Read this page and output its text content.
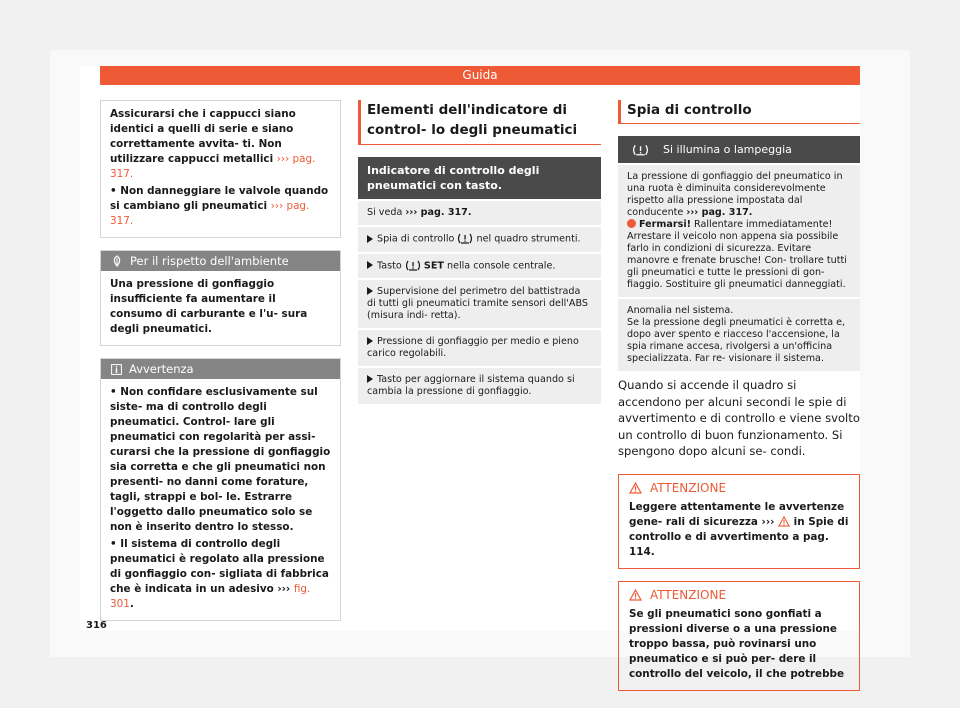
Guida

Assicurarsi che i cappucci siano identici a quelli di serie e siano correttamente avvita- ti. Non utilizzare cappucci metallici ››› pag. 317.

• Non danneggiare le valvole quando si cambiano gli pneumatici ››› pag. 317.

Per il rispetto dell'ambiente
Una pressione di gonfiaggio insufficiente fa aumentare il consumo di carburante e l'u- sura degli pneumatici.
Avvertenza

• Non confidare esclusivamente sul siste- ma di controllo degli pneumatici. Control- lare gli pneumatici con regolarità per assi- curarsi che la pressione di gonfiaggio sia corretta e che gli pneumatici non presenti- no danni come forature, tagli, strappi e bol- le. Estrarre l'oggetto dallo pneumatico solo se non è inserito dentro lo stesso.

• Il sistema di controllo degli pneumatici è regolato alla pressione di gonfiaggio con- sigliata di fabbrica che è indicata in un adesivo ››› fig. 301.

Elementi dell'indicatore di control- lo degli pneumatici
Indicatore di controllo degli pneumatici con tasto.
Si veda ››› pag. 317.
Spia di controllo nel quadro strumenti.
Tasto SET nella console centrale.
Supervisione del perimetro del battistrada di tutti gli pneumatici tramite sensori dell'ABS (misura indi- retta).
Pressione di gonfiaggio per medio e pieno carico regolabili.
Tasto per aggiornare il sistema quando si cambia la pressione di gonfiaggio.
Spia di controllo
Si illumina o lampeggia
La pressione di gonfiaggio del pneumatico in una ruota è diminuita considerevolmente rispetto alla pressione impostata dal conducente ››› pag. 317.
Fermarsi! Rallentare immediatamente! Arrestare il veicolo non appena sia possibile farlo in condizioni di sicurezza. Evitare manovre e frenate brusche! Con- trollare tutti gli pneumatici e tutte le pressioni di gon- fiaggio. Sostituire gli pneumatici danneggiati.
Anomalia nel sistema.
Se la pressione degli pneumatici è corretta e, dopo aver spento e riacceso l'accensione, la spia rimane accesa, rivolgersi a un'officina specializzata. Far re- visionare il sistema.

Quando si accende il quadro si accendono per alcuni secondi le spie di avvertimento e di controllo e viene svolto un controllo di buon funzionamento. Si spengono dopo alcuni se- condi.

ATTENZIONE
Leggere attentamente le avvertenze gene- rali di sicurezza ››› in Spie di controllo e di avvertimento a pag. 114.
ATTENZIONE
Se gli pneumatici sono gonfiati a pressioni diverse o a una pressione troppo bassa, può rovinarsi uno pneumatico e si può per- dere il controllo del veicolo, il che potrebbe
316
